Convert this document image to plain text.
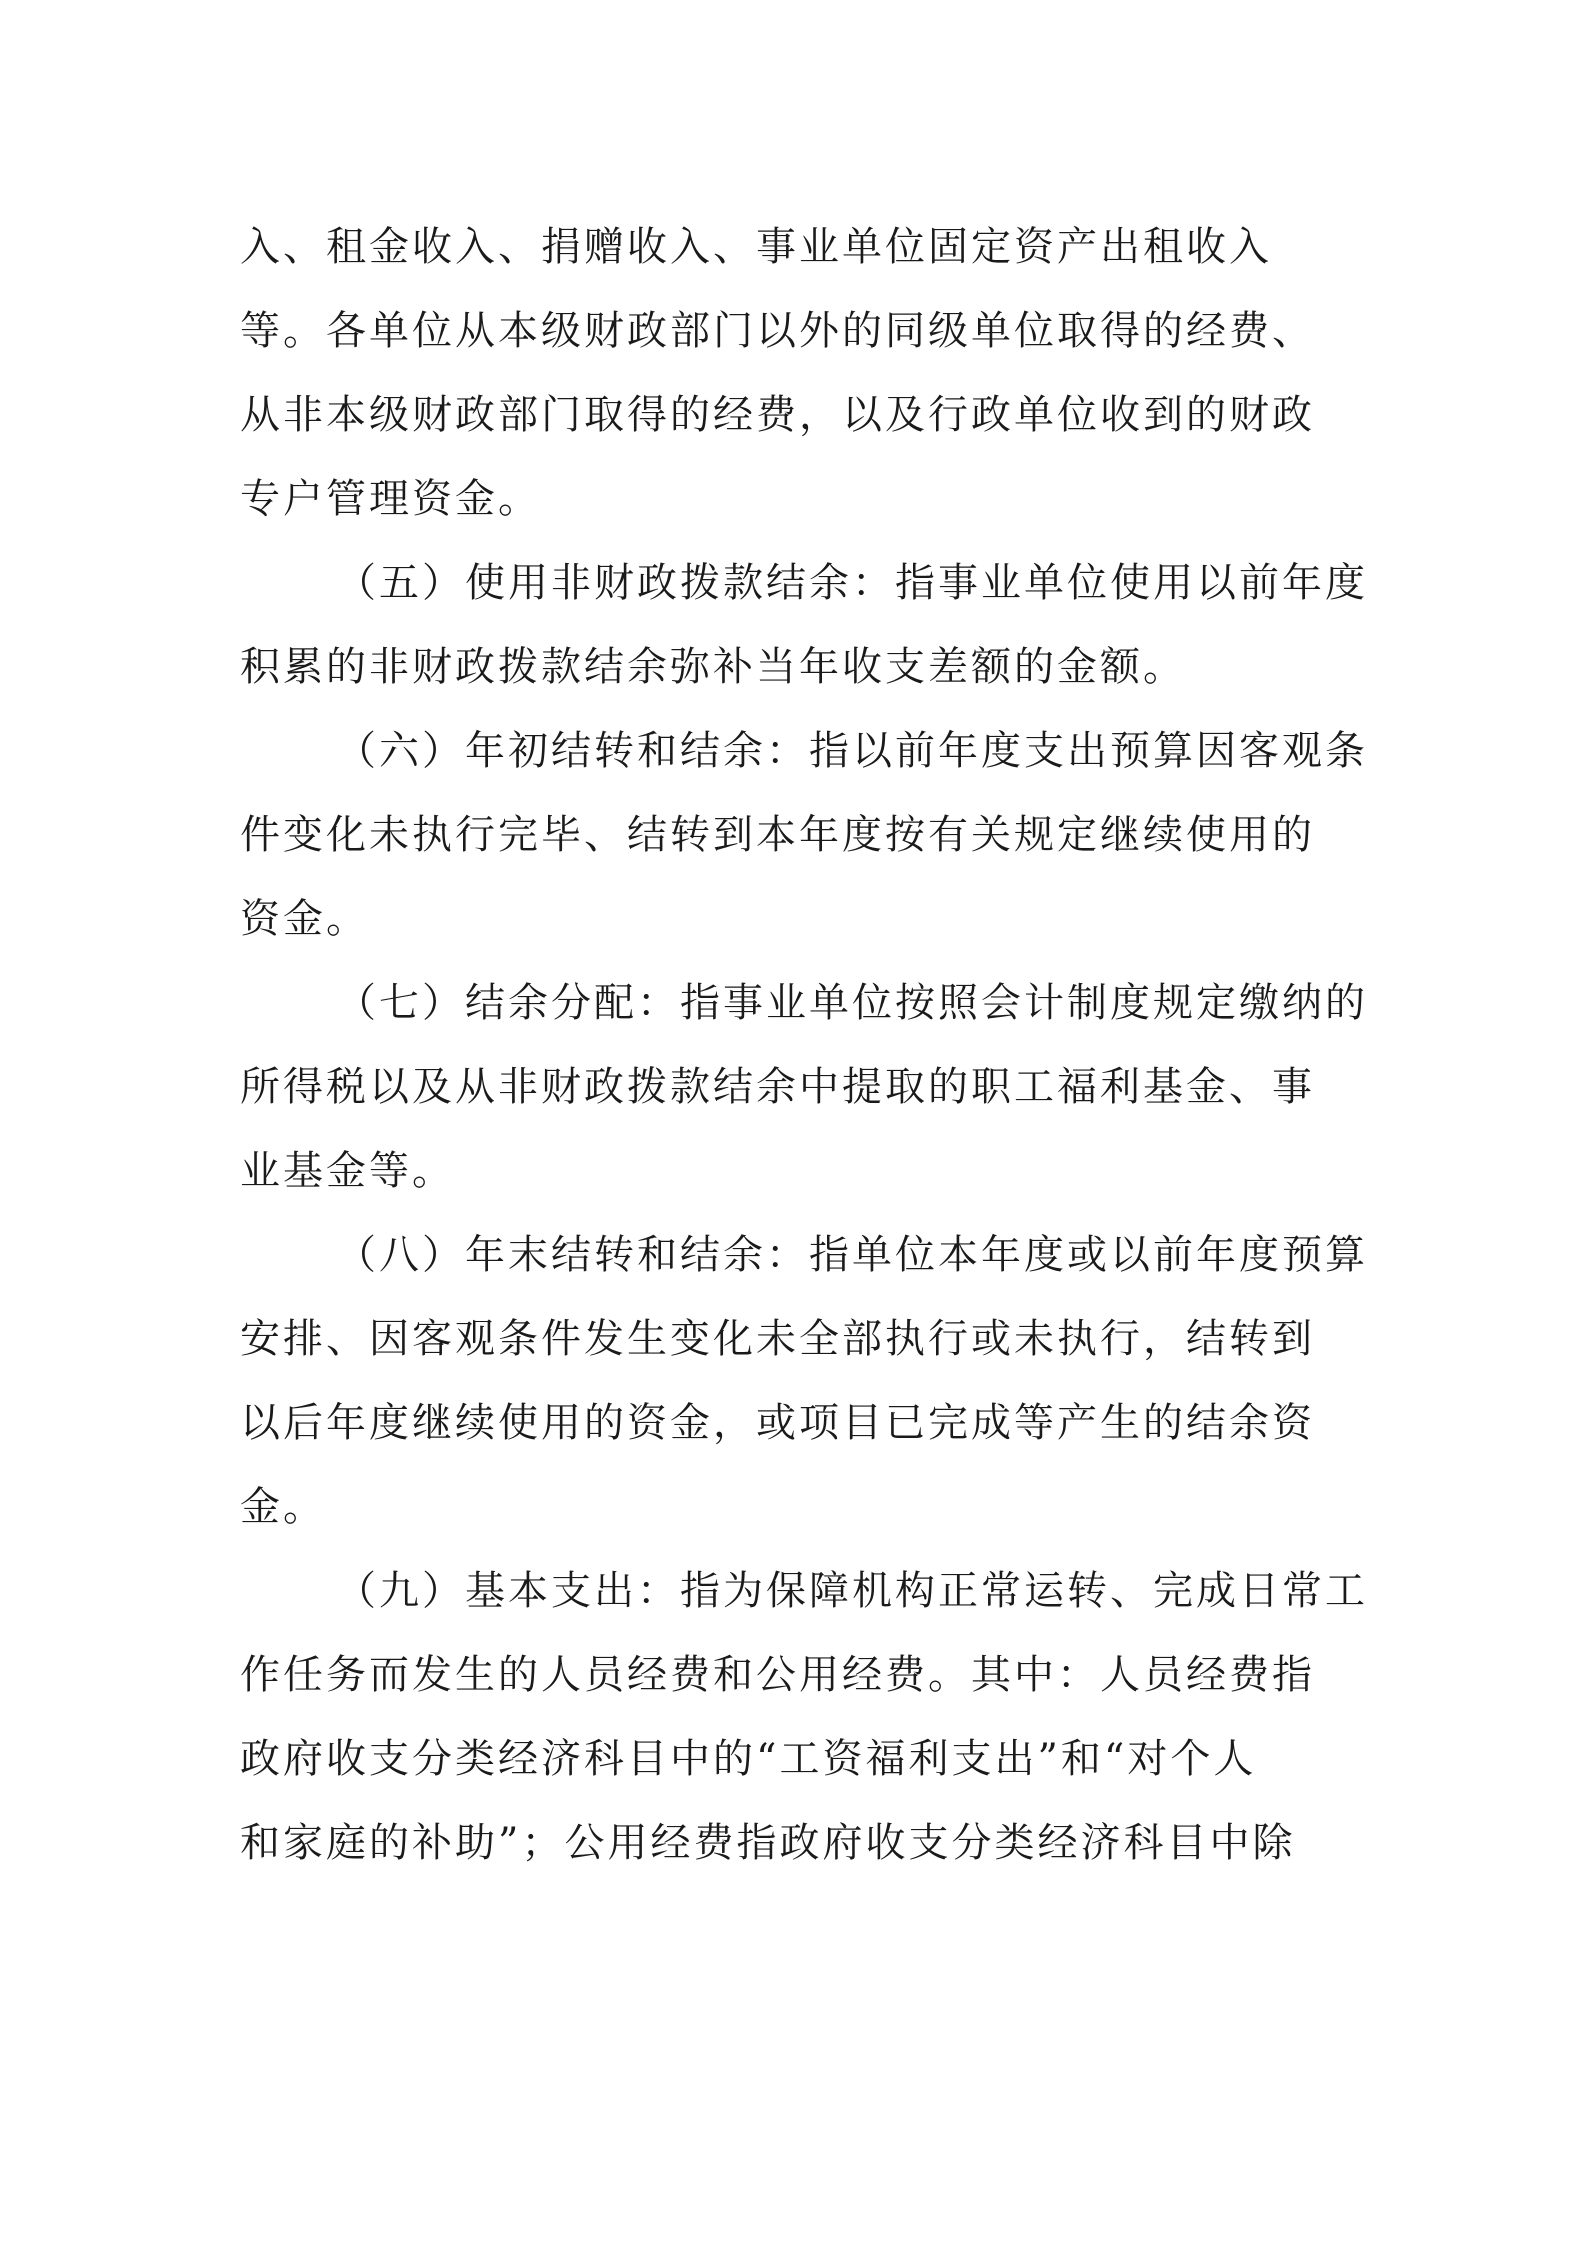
入、租金收入、捐赠收入、事业单位固定资产出租收入
等。各单位从本级财政部门以外的同级单位取得的经费、
从非本级财政部门取得的经费，以及行政单位收到的财政
专户管理资金。
（五）使用非财政拨款结余：指事业单位使用以前年度
积累的非财政拨款结余弥补当年收支差额的金额。
（六）年初结转和结余：指以前年度支出预算因客观条
件变化未执行完毕、结转到本年度按有关规定继续使用的
资金。
（七）结余分配：指事业单位按照会计制度规定缴纳的
所得税以及从非财政拨款结余中提取的职工福利基金、事
业基金等。
（八）年末结转和结余：指单位本年度或以前年度预算
安排、因客观条件发生变化未全部执行或未执行，结转到
以后年度继续使用的资金，或项目已完成等产生的结余资
金。
（九）基本支出：指为保障机构正常运转、完成日常工
作任务而发生的人员经费和公用经费。其中：人员经费指
政府收支分类经济科目中的“工资福利支出”和“对个人
和家庭的补助”；公用经费指政府收支分类经济科目中除
